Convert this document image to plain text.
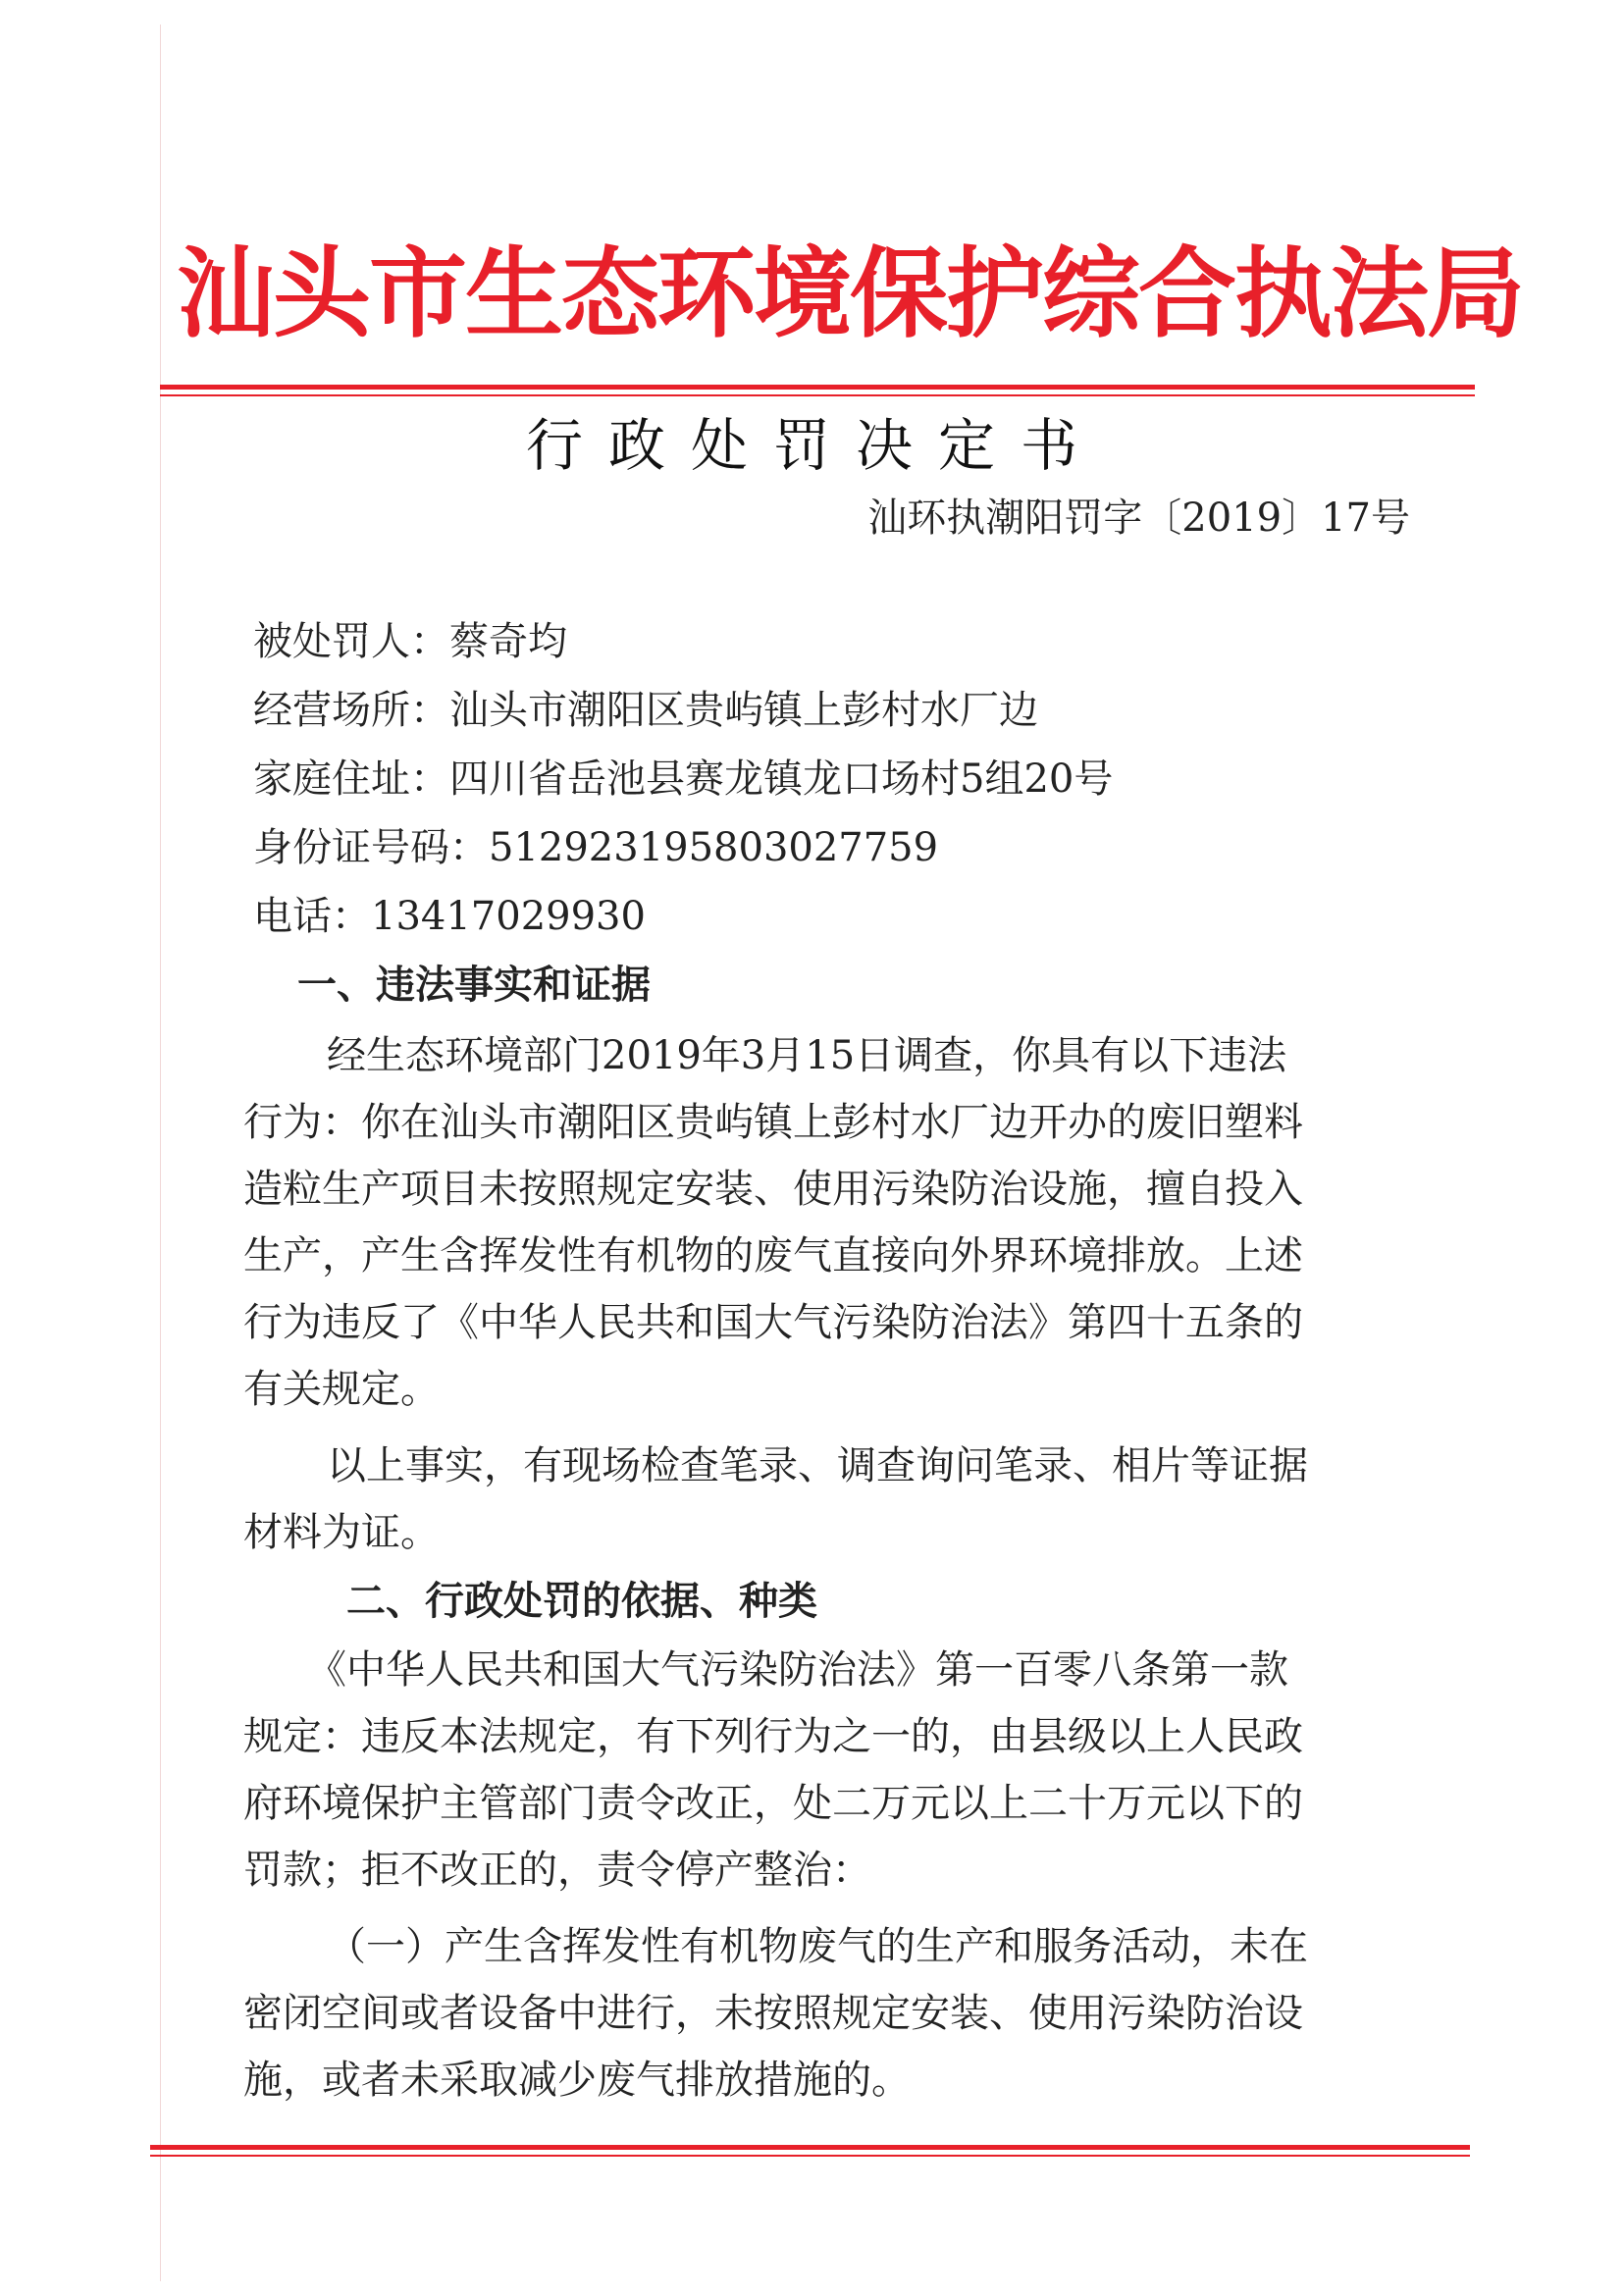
汕头市生态环境保护综合执法局
行政处罚决定书
汕环执潮阳罚字〔2019〕17号
被处罚人：蔡奇均
经营场所：汕头市潮阳区贵屿镇上彭村水厂边
家庭住址：四川省岳池县赛龙镇龙口场村5组20号
身份证号码：512923195803027759
电话：13417029930
一、违法事实和证据
经生态环境部门2019年3月15日调查，你具有以下违法
行为：你在汕头市潮阳区贵屿镇上彭村水厂边开办的废旧塑料
造粒生产项目未按照规定安装、使用污染防治设施，擅自投入
生产，产生含挥发性有机物的废气直接向外界环境排放。上述
行为违反了《中华人民共和国大气污染防治法》第四十五条的
有关规定。
以上事实，有现场检查笔录、调查询问笔录、相片等证据
材料为证。
二、行政处罚的依据、种类
《中华人民共和国大气污染防治法》第一百零八条第一款
规定：违反本法规定，有下列行为之一的，由县级以上人民政
府环境保护主管部门责令改正，处二万元以上二十万元以下的
罚款；拒不改正的，责令停产整治：
（一）产生含挥发性有机物废气的生产和服务活动，未在
密闭空间或者设备中进行，未按照规定安装、使用污染防治设
施，或者未采取减少废气排放措施的。
